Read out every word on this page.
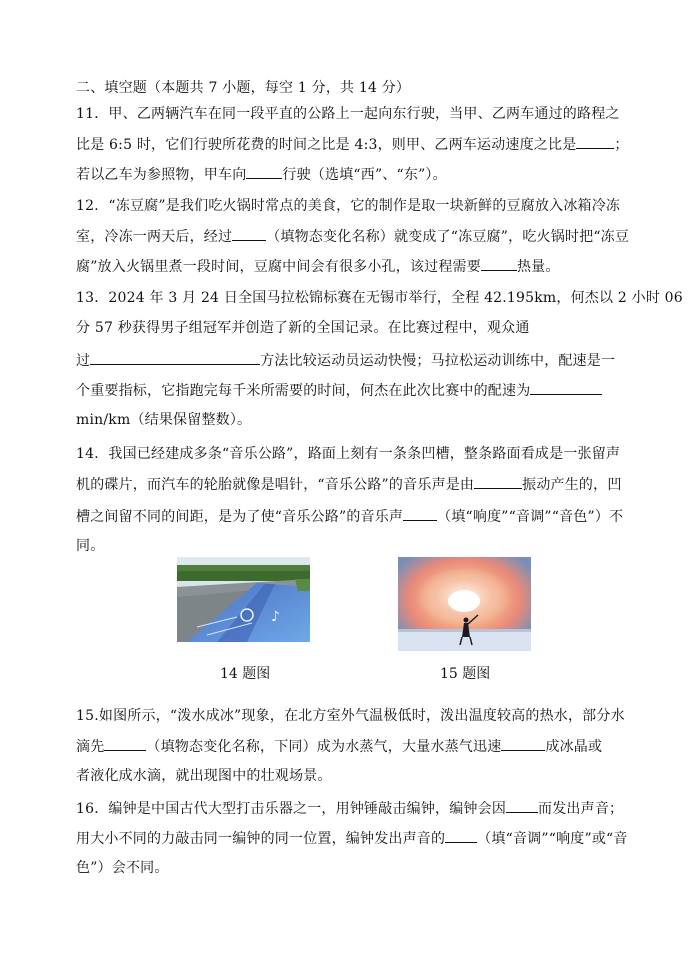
二、填空题（本题共 7 小题，每空 1 分，共 14 分）
11．甲、乙两辆汽车在同一段平直的公路上一起向东行驶，当甲、乙两车通过的路程之
比是 6:5 时，它们行驶所花费的时间之比是 4:3，则甲、乙两车运动速度之比是	；
若以乙车为参照物，甲车向	行驶（选填“西”、“东”）。
12．“冻豆腐”是我们吃火锅时常点的美食，它的制作是取一块新鲜的豆腐放入冰箱冷冻
室，冷冻一两天后，经过 （填物态变化名称）就变成了“冻豆腐”，吃火锅时把“冻豆
腐”放入火锅里煮一段时间，豆腐中间会有很多小孔，该过程需要	热量。
13．2024 年 3 月 24 日全国马拉松锦标赛在无锡市举行，全程 42.195km，何杰以 2 小时 06
分 57 秒获得男子组冠军并创造了新的全国记录。在比赛过程中，观众通
过	方法比较运动员运动快慢；马拉松运动训练中，配速是一
个重要指标，它指跑完每千米所需要的时间，何杰在此次比赛中的配速为
min/km（结果保留整数）。
14．我国已经建成多条“音乐公路”，路面上刻有一条条凹槽，整条路面看成是一张留声
机的碟片，而汽车的轮胎就像是唱针，“音乐公路”的音乐声是由	振动产生的，凹
槽之间留不同的间距，是为了使“音乐公路”的音乐声 （填“响度”“音调”“音色”）不
同。
♪
14 题图	15 题图
15.如图所示，“泼水成冰”现象，在北方室外气温极低时，泼出温度较高的热水，部分水
滴先	（填物态变化名称，下同）成为水蒸气，大量水蒸气迅速	成冰晶或
者液化成水滴，就出现图中的壮观场景。
16．编钟是中国古代大型打击乐器之一，用钟锤敲击编钟，编钟会因 而发出声音；
用大小不同的力敲击同一编钟的同一位置，编钟发出声音的 （填“音调”“响度”或“音
色”）会不同。
